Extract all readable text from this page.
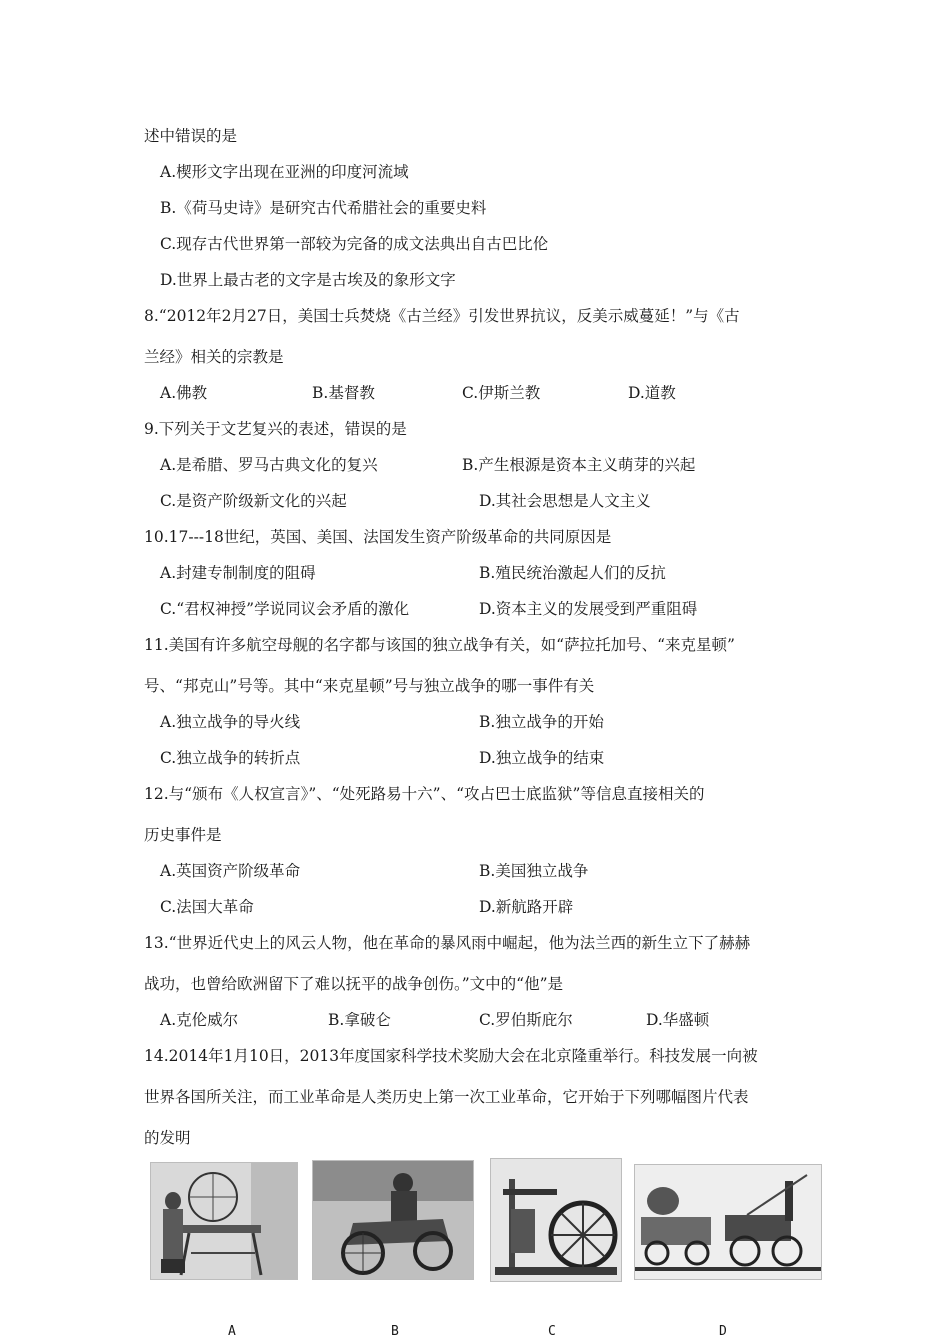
述中错误的是
A.楔形文字出现在亚洲的印度河流域
B.《荷马史诗》是研究古代希腊社会的重要史料
C.现存古代世界第一部较为完备的成文法典出自古巴比伦
D.世界上最古老的文字是古埃及的象形文字
8.“2012年2月27日，美国士兵焚烧《古兰经》引发世界抗议，反美示威蔓延！”与《古
兰经》相关的宗教是
A.佛教	B.基督教	C.伊斯兰教	D.道教
9.下列关于文艺复兴的表述，错误的是
A.是希腊、罗马古典文化的复兴	B.产生根源是资本主义萌芽的兴起
C.是资产阶级新文化的兴起	D.其社会思想是人文主义
10.17---18世纪，英国、美国、法国发生资产阶级革命的共同原因是
A.封建专制制度的阻碍	B.殖民统治激起人们的反抗
C.“君权神授”学说同议会矛盾的激化	D.资本主义的发展受到严重阻碍
11.美国有许多航空母舰的名字都与该国的独立战争有关，如“萨拉托加号、“来克星顿”
号、“邦克山”号等。其中“来克星顿”号与独立战争的哪一事件有关
A.独立战争的导火线	B.独立战争的开始
C.独立战争的转折点	D.独立战争的结束
12.与“颁布《人权宣言》”、“处死路易十六”、“攻占巴士底监狱”等信息直接相关的
历史事件是
A.英国资产阶级革命	B.美国独立战争
C.法国大革命	D.新航路开辟
13.“世界近代史上的风云人物，他在革命的暴风雨中崛起，他为法兰西的新生立下了赫赫
战功，也曾给欧洲留下了难以抚平的战争创伤。”文中的“他”是
A.克伦威尔	B.拿破仑	C.罗伯斯庇尔	D.华盛顿
14.2014年1月10日，2013年度国家科学技术奖励大会在北京隆重举行。科技发展一向被
世界各国所关注，而工业革命是人类历史上第一次工业革命，它开始于下列哪幅图片代表
的发明
A	B	C	D
